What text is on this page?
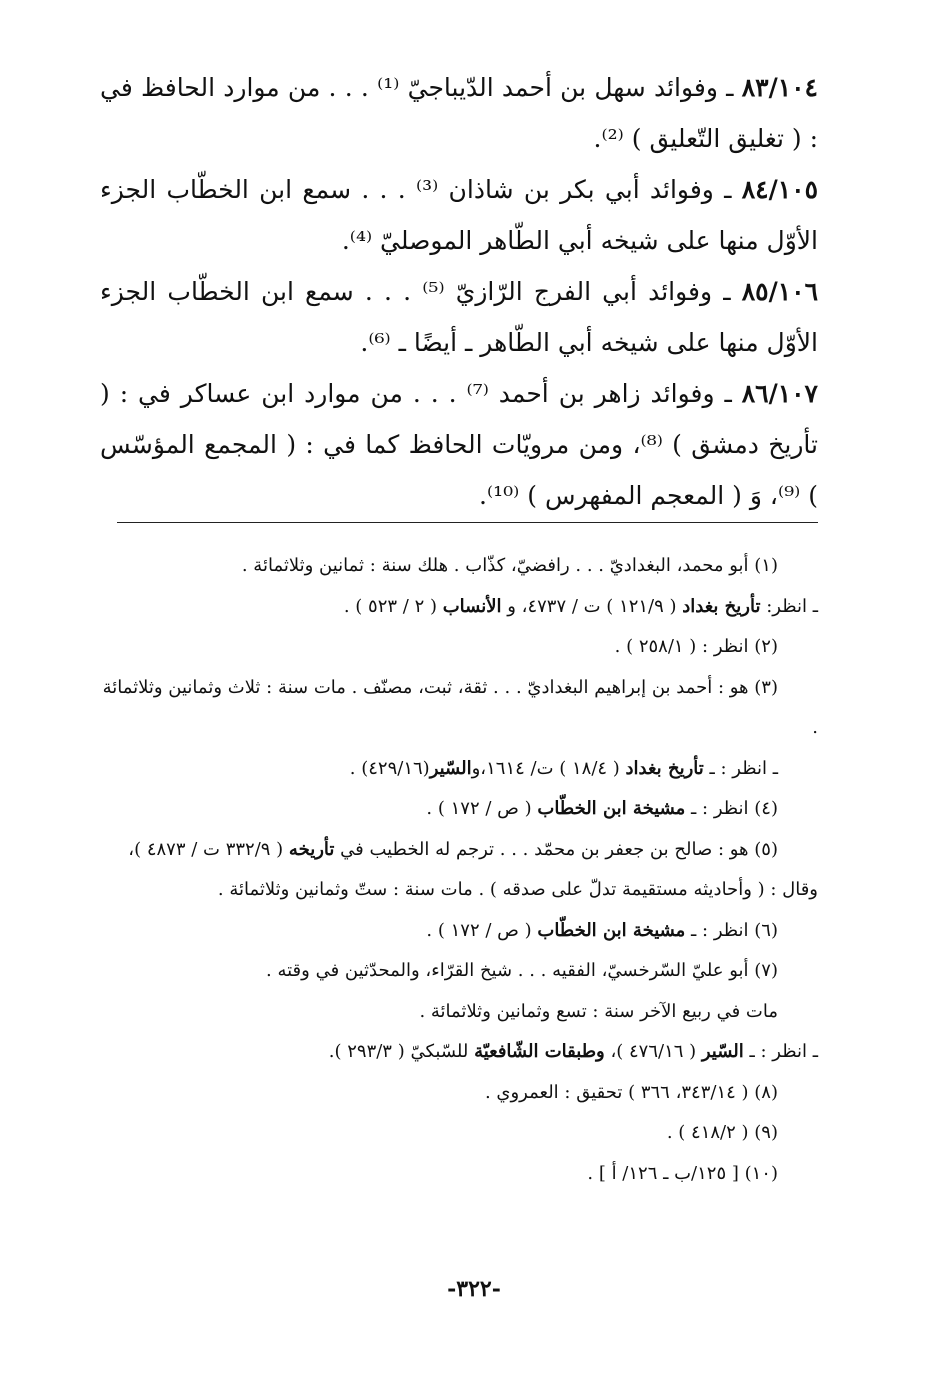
٨٣/١٠٤ ـ وفوائد سهل بن أحمد الدّيباجيّ ⁽¹⁾ . . . من موارد الحافظ في : ( تغليق التّعليق ) ⁽²⁾.

٨٤/١٠٥ ـ وفوائد أبي بكر بن شاذان ⁽³⁾ . . . سمع ابن الخطّاب الجزء الأوّل منها على شيخه أبي الطّاهر الموصليّ ⁽⁴⁾.

٨٥/١٠٦ ـ وفوائد أبي الفرج الرّازيّ ⁽⁵⁾ . . . سمع ابن الخطّاب الجزء الأوّل منها على شيخه أبي الطّاهر ـ أيضًا ـ ⁽⁶⁾.

٨٦/١٠٧ ـ وفوائد زاهر بن أحمد ⁽⁷⁾ . . . من موارد ابن عساكر في : ( تأريخ دمشق ) ⁽⁸⁾، ومن مرويّات الحافظ كما في : ( المجمع المؤسّس ) ⁽⁹⁾، وَ ( المعجم المفهرس ) ⁽¹⁰⁾.

(١) أبو محمد، البغداديّ . . . رافضيّ، كذّاب . هلك سنة : ثمانين وثلاثمائة .

ـ انظر: تأريخ بغداد ( ١٢١/٩ ) ت / ٤٧٣٧، و الأنساب ( ٢ / ٥٢٣ ) .

(٢) انظر : ( ٢٥٨/١ ) .

(٣) هو : أحمد بن إبراهيم البغداديّ . . . ثقة، ثبت، مصنّف . مات سنة : ثلاث وثمانين وثلاثمائة .

ـ انظر : ـ تأريخ بغداد ( ١٨/٤ ) ت/ ١٦١٤،والسّير(٤٢٩/١٦) .

(٤) انظر : ـ مشيخة ابن الخطّاب ( ص / ١٧٢ ) .

(٥) هو : صالح بن جعفر بن محمّد . . . ترجم له الخطيب في تأريخه ( ٣٣٢/٩ ت / ٤٨٧٣ )، وقال : ( وأحاديثه مستقيمة تدلّ على صدقه ) . مات سنة : ستّ وثمانين وثلاثمائة .

(٦) انظر : ـ مشيخة ابن الخطّاب ( ص / ١٧٢ ) .

(٧) أبو عليّ السّرخسيّ، الفقيه . . . شيخ القرّاء، والمحدّثين في وقته .

مات في ربيع الآخر سنة : تسع وثمانين وثلاثمائة .

ـ انظر : ـ السّير ( ٤٧٦/١٦ )، وطبقات الشّافعيّة للسّبكيّ ( ٢٩٣/٣ ).

(٨) ( ٣٤٣/١٤، ٣٦٦ ) تحقيق : العمروي .

(٩) ( ٤١٨/٢ ) .

(١٠) [ ١٢٥/ب ـ ١٢٦/ أ ] .

-٣٢٢-
